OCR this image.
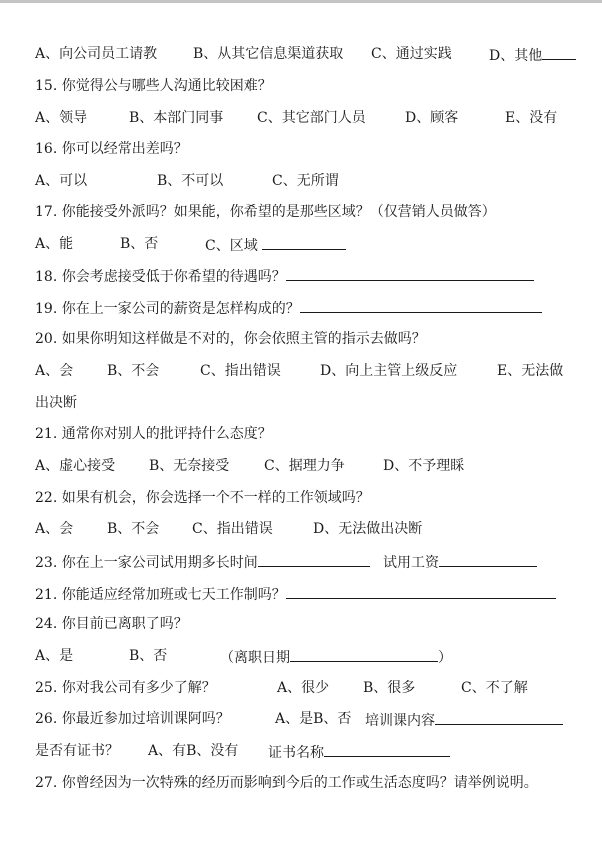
A、向公司员工请教	B、从其它信息渠道获取 C、通过实践	D、其他
15. 你觉得公与哪些人沟通比较困难？
A、领导	B、本部门同事 C、其它部门人员	D、顾客	E、没有
16. 你可以经常出差吗？
A、可以	B、不可以	C、无所谓
17. 你能接受外派吗？如果能，你希望的是那些区域？（仅营销人员做答）
A、能	B、否	C、区域
18. 你会考虑接受低于你希望的待遇吗？
19. 你在上一家公司的薪资是怎样构成的？
20. 如果你明知这样做是不对的，你会依照主管的指示去做吗？
A、会 B、不会	C、指出错误	D、向上主管上级反应	E、无法做
出决断
21. 通常你对别人的批评持什么态度？
A、虚心接受 B、无奈接受 C、据理力争	D、不予理睬
22. 如果有机会，你会选择一个不一样的工作领域吗？
A、会 B、不会 C、指出错误	D、无法做出决断
23. 你在上一家公司试用期多长时间	试用工资
21. 你能适应经常加班或七天工作制吗？
24. 你目前已离职了吗？
A、是	B、否	（离职日期	）
25. 你对我公司有多少了解？	A、很少 B、很多	C、不了解
26. 你最近参加过培训课阿吗？	A、是B、否 培训课内容
是否有证书？ A、有B、没有 证书名称
27. 你曾经因为一次特殊的经历而影响到今后的工作或生活态度吗？请举例说明。
